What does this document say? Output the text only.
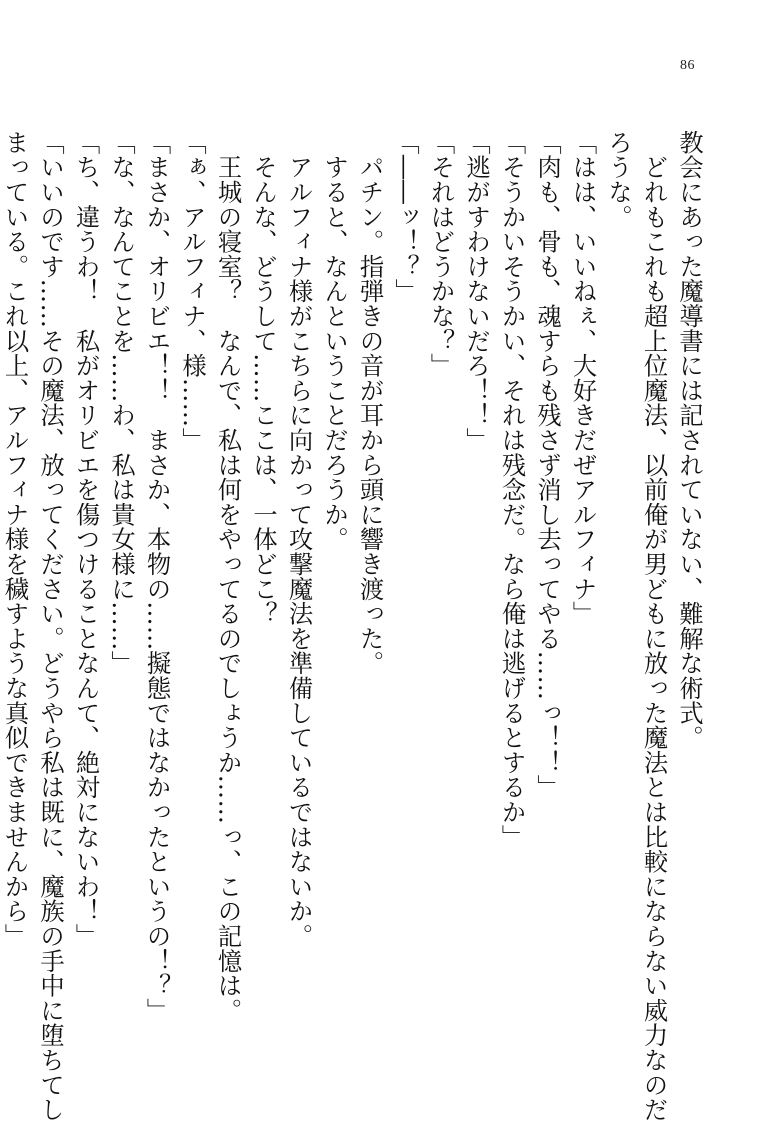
86

教会にあった魔導書には記されていない、難解な術式。

　どれもこれも超上位魔法、以前俺が男どもに放った魔法とは比較にならない威力なのだ

ろうな。

「はは、いいねぇ、大好きだぜアルフィナ」

「肉も、骨も、魂すらも残さず消し去ってやる……っ！！」

「そうかいそうかい、それは残念だ。なら俺は逃げるとするか」

「逃がすわけないだろ！！」

「それはどうかな？」

「――ッ！？」

　パチン。指弾きの音が耳から頭に響き渡った。

　すると、なんということだろうか。

　アルフィナ様がこちらに向かって攻撃魔法を準備しているではないか。

　そんな、どうして……ここは、一体どこ？

　王城の寝室？　なんで、私は何をやってるのでしょうか……っ、この記憶は。

「ぁ、アルフィナ、様……」

「まさか、オリビエ！！　まさか、本物の……擬態ではなかったというの！？」

「な、なんてことを……わ、私は貴女様に……」

「ち、違うわ！　私がオリビエを傷つけることなんて、絶対にないわ！」

「いいのです……その魔法、放ってください。どうやら私は既に、魔族の手中に堕ちてし

まっている。これ以上、アルフィナ様を穢すような真似できませんから」
